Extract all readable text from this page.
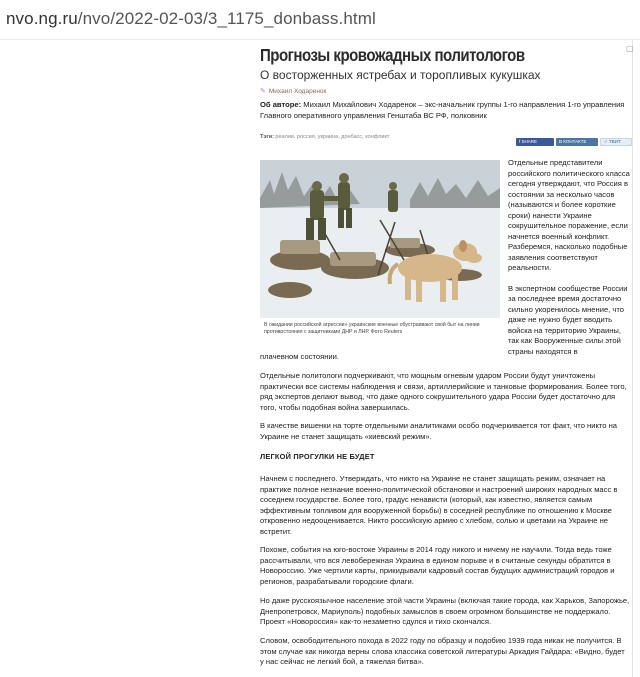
nvo.ng.ru/nvo/2022-02-03/3_1175_donbass.html
▢
Прогнозы кровожадных политологов
О восторженных ястребах и торопливых кукушках
✎ Михаил Ходаренок
Об авторе: Михаил Михайлович Ходаренок – экс-начальник группы 1-го направления 1-го управления Главного оперативного управления Генштаба ВС РФ, полковник
Тэги: реалии, россия, украина, донбасс, конфликт
f SHARE	В КОНТАКТЕ	✓ ТВИТ
В ожидании российской агрессии» украинские военные обустраивают свой быт на линии противостояния с защитниками ДНР и ЛНР. Фото Reuters

Отдельные представители российского политического класса сегодня утверждают, что Россия в состоянии за несколько часов (называются и более короткие сроки) нанести Украине сокрушительное поражение, если начнется военный конфликт. Разберемся, насколько подобные заявления соответствуют реальности.

В экспертном сообществе России за последнее время достаточно сильно укоренилось мнение, что даже не нужно будет вводить войска на территорию Украины, так как Вооруженные силы этой страны находятся в

плачевном состоянии.
Отдельные политологи подчеркивают, что мощным огневым ударом России будут уничтожены практически все системы наблюдения и связи, артиллерийские и танковые формирования. Более того, ряд экспертов делают вывод, что даже одного сокрушительного удара России будет достаточно для того, чтобы подобная война завершилась.
В качестве вишенки на торте отдельными аналитиками особо подчеркивается тот факт, что никто на Украине не станет защищать «киевский режим».
ЛЕГКОЙ ПРОГУЛКИ НЕ БУДЕТ
Начнем с последнего. Утверждать, что никто на Украине не станет защищать режим, означает на практике полное незнание военно-политической обстановки и настроений широких народных масс в соседнем государстве. Более того, градус ненависти (который, как известно, является самым эффективным топливом для вооруженной борьбы) в соседней республике по отношению к Москве откровенно недооценивается. Никто российскую армию с хлебом, солью и цветами на Украине не встретит.
Похоже, события на юго-востоке Украины в 2014 году никого и ничему не научили. Тогда ведь тоже рассчитывали, что вся левобережная Украина в едином порыве и в считаные секунды обратится в Новороссию. Уже чертили карты, прикидывали кадровый состав будущих администраций городов и регионов, разрабатывали городские флаги.
Но даже русскоязычное население этой части Украины (включая такие города, как Харьков, Запорожье, Днепропетровск, Мариуполь) подобных замыслов в своем огромном большинстве не поддержало. Проект «Новороссия» как-то незаметно сдулся и тихо скончался.
Словом, освободительного похода в 2022 году по образцу и подобию 1939 года никак не получится. В этом случае как никогда верны слова классика советской литературы Аркадия Гайдара: «Видно, будет у нас сейчас не легкий бой, а тяжелая битва».
